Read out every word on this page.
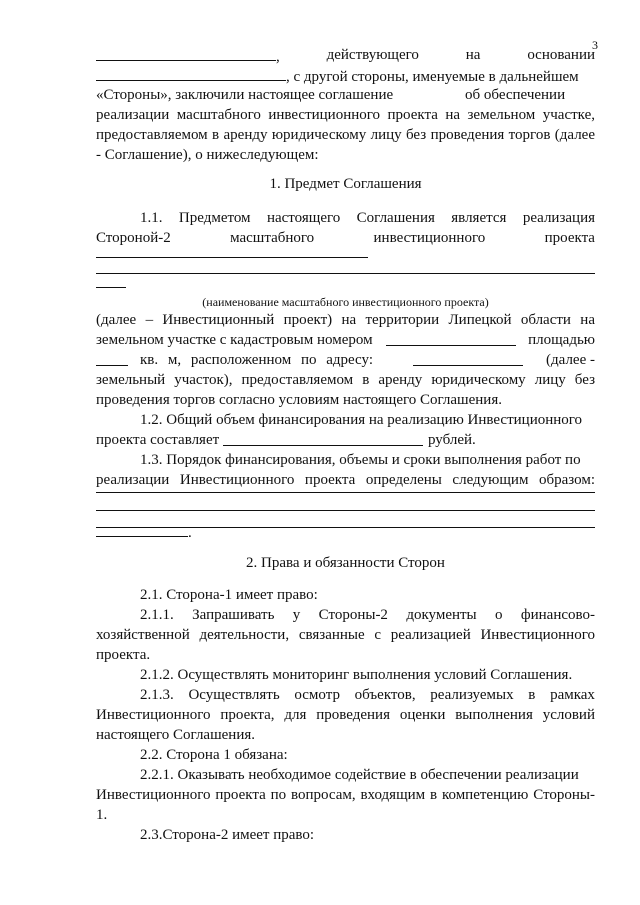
3
,	действующего	на	основании
, с другой стороны, именуемые в дальнейшем
«Стороны», заключили настоящее соглашение	об обеспечении
реализации масштабного инвестиционного проекта на земельном участке,
предоставляемом в аренду юридическому лицу без проведения торгов (далее
- Соглашение), о нижеследующем:
1. Предмет Соглашения
1.1. Предметом настоящего Соглашения является реализация
Стороной-2	масштабного	инвестиционного	проекта
(наименование масштабного инвестиционного проекта)
(далее – Инвестиционный проект) на территории Липецкой области на
земельном участке с кадастровым номером	площадью
кв. м, расположенном по адресу:	(далее -
земельный участок), предоставляемом в аренду юридическому лицу без
проведения торгов согласно условиям настоящего Соглашения.
1.2. Общий объем финансирования на реализацию Инвестиционного
проекта составляет	рублей.
1.3. Порядок финансирования, объемы и сроки выполнения работ по
реализации Инвестиционного проекта определены следующим образом:
.
2. Права и обязанности Сторон
2.1. Сторона-1 имеет право:
2.1.1. Запрашивать у Стороны-2 документы о финансово-
хозяйственной деятельности, связанные с реализацией Инвестиционного
проекта.
2.1.2. Осуществлять мониторинг выполнения условий Соглашения.
2.1.3. Осуществлять осмотр объектов, реализуемых в рамках
Инвестиционного проекта, для проведения оценки выполнения условий
настоящего Соглашения.
2.2. Сторона 1 обязана:
2.2.1. Оказывать необходимое содействие в обеспечении реализации
Инвестиционного проекта по вопросам, входящим в компетенцию Стороны-
1.
2.3.Сторона-2 имеет право:
